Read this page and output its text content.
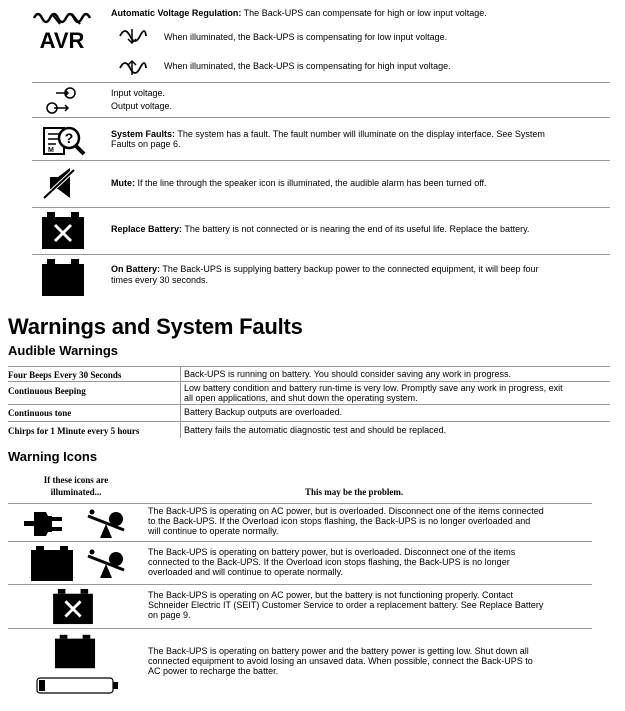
AVR
Automatic Voltage Regulation: The Back-UPS can compensate for high or low input voltage.
When illuminated, the Back-UPS is compensating for low input voltage.
When illuminated, the Back-UPS is compensating for high input voltage.
Input voltage.
Output voltage.
M
?	System Faults: The system has a fault. The fault number will illuminate on the display interface. See System
Faults on page 6.
Mute: If the line through the speaker icon is illuminated, the audible alarm has been turned off.
Replace Battery: The battery is not connected or is nearing the end of its useful life. Replace the battery.
On Battery: The Back-UPS is supplying battery backup power to the connected equipment, it will beep four
times every 30 seconds.
Warnings and System Faults
Audible Warnings
Four Beeps Every 30 Seconds	Back-UPS is running on battery. You should consider saving any work in progress.
Continuous Beeping	Low battery condition and battery run-time is very low. Promptly save any work in progress, exit
all open applications, and shut down the operating system.
Continuous tone	Battery Backup outputs are overloaded.
Chirps for 1 Minute every 5 hours	Battery fails the automatic diagnostic test and should be replaced.
Warning Icons
If these icons are
illuminated...	This may be the problem.
The Back-UPS is operating on AC power, but is overloaded. Disconnect one of the items connected
to the Back-UPS. If the Overload icon stops flashing, the Back-UPS is no longer overloaded and
will continue to operate normally.
The Back-UPS is operating on battery power, but is overloaded. Disconnect one of the items
connected to the Back-UPS. If the Overload icon stops flashing, the Back-UPS is no longer
overloaded and will continue to operate normally.
The Back-UPS is operating on AC power, but the battery is not functioning properly. Contact
Schneider Electric IT (SEIT) Customer Service to order a replacement battery. See Replace Battery
on page 9.
The Back-UPS is operating on battery power and the battery power is getting low. Shut down all
connected equipment to avoid losing an unsaved data. When possible, connect the Back-UPS to
AC power to recharge the batter.
